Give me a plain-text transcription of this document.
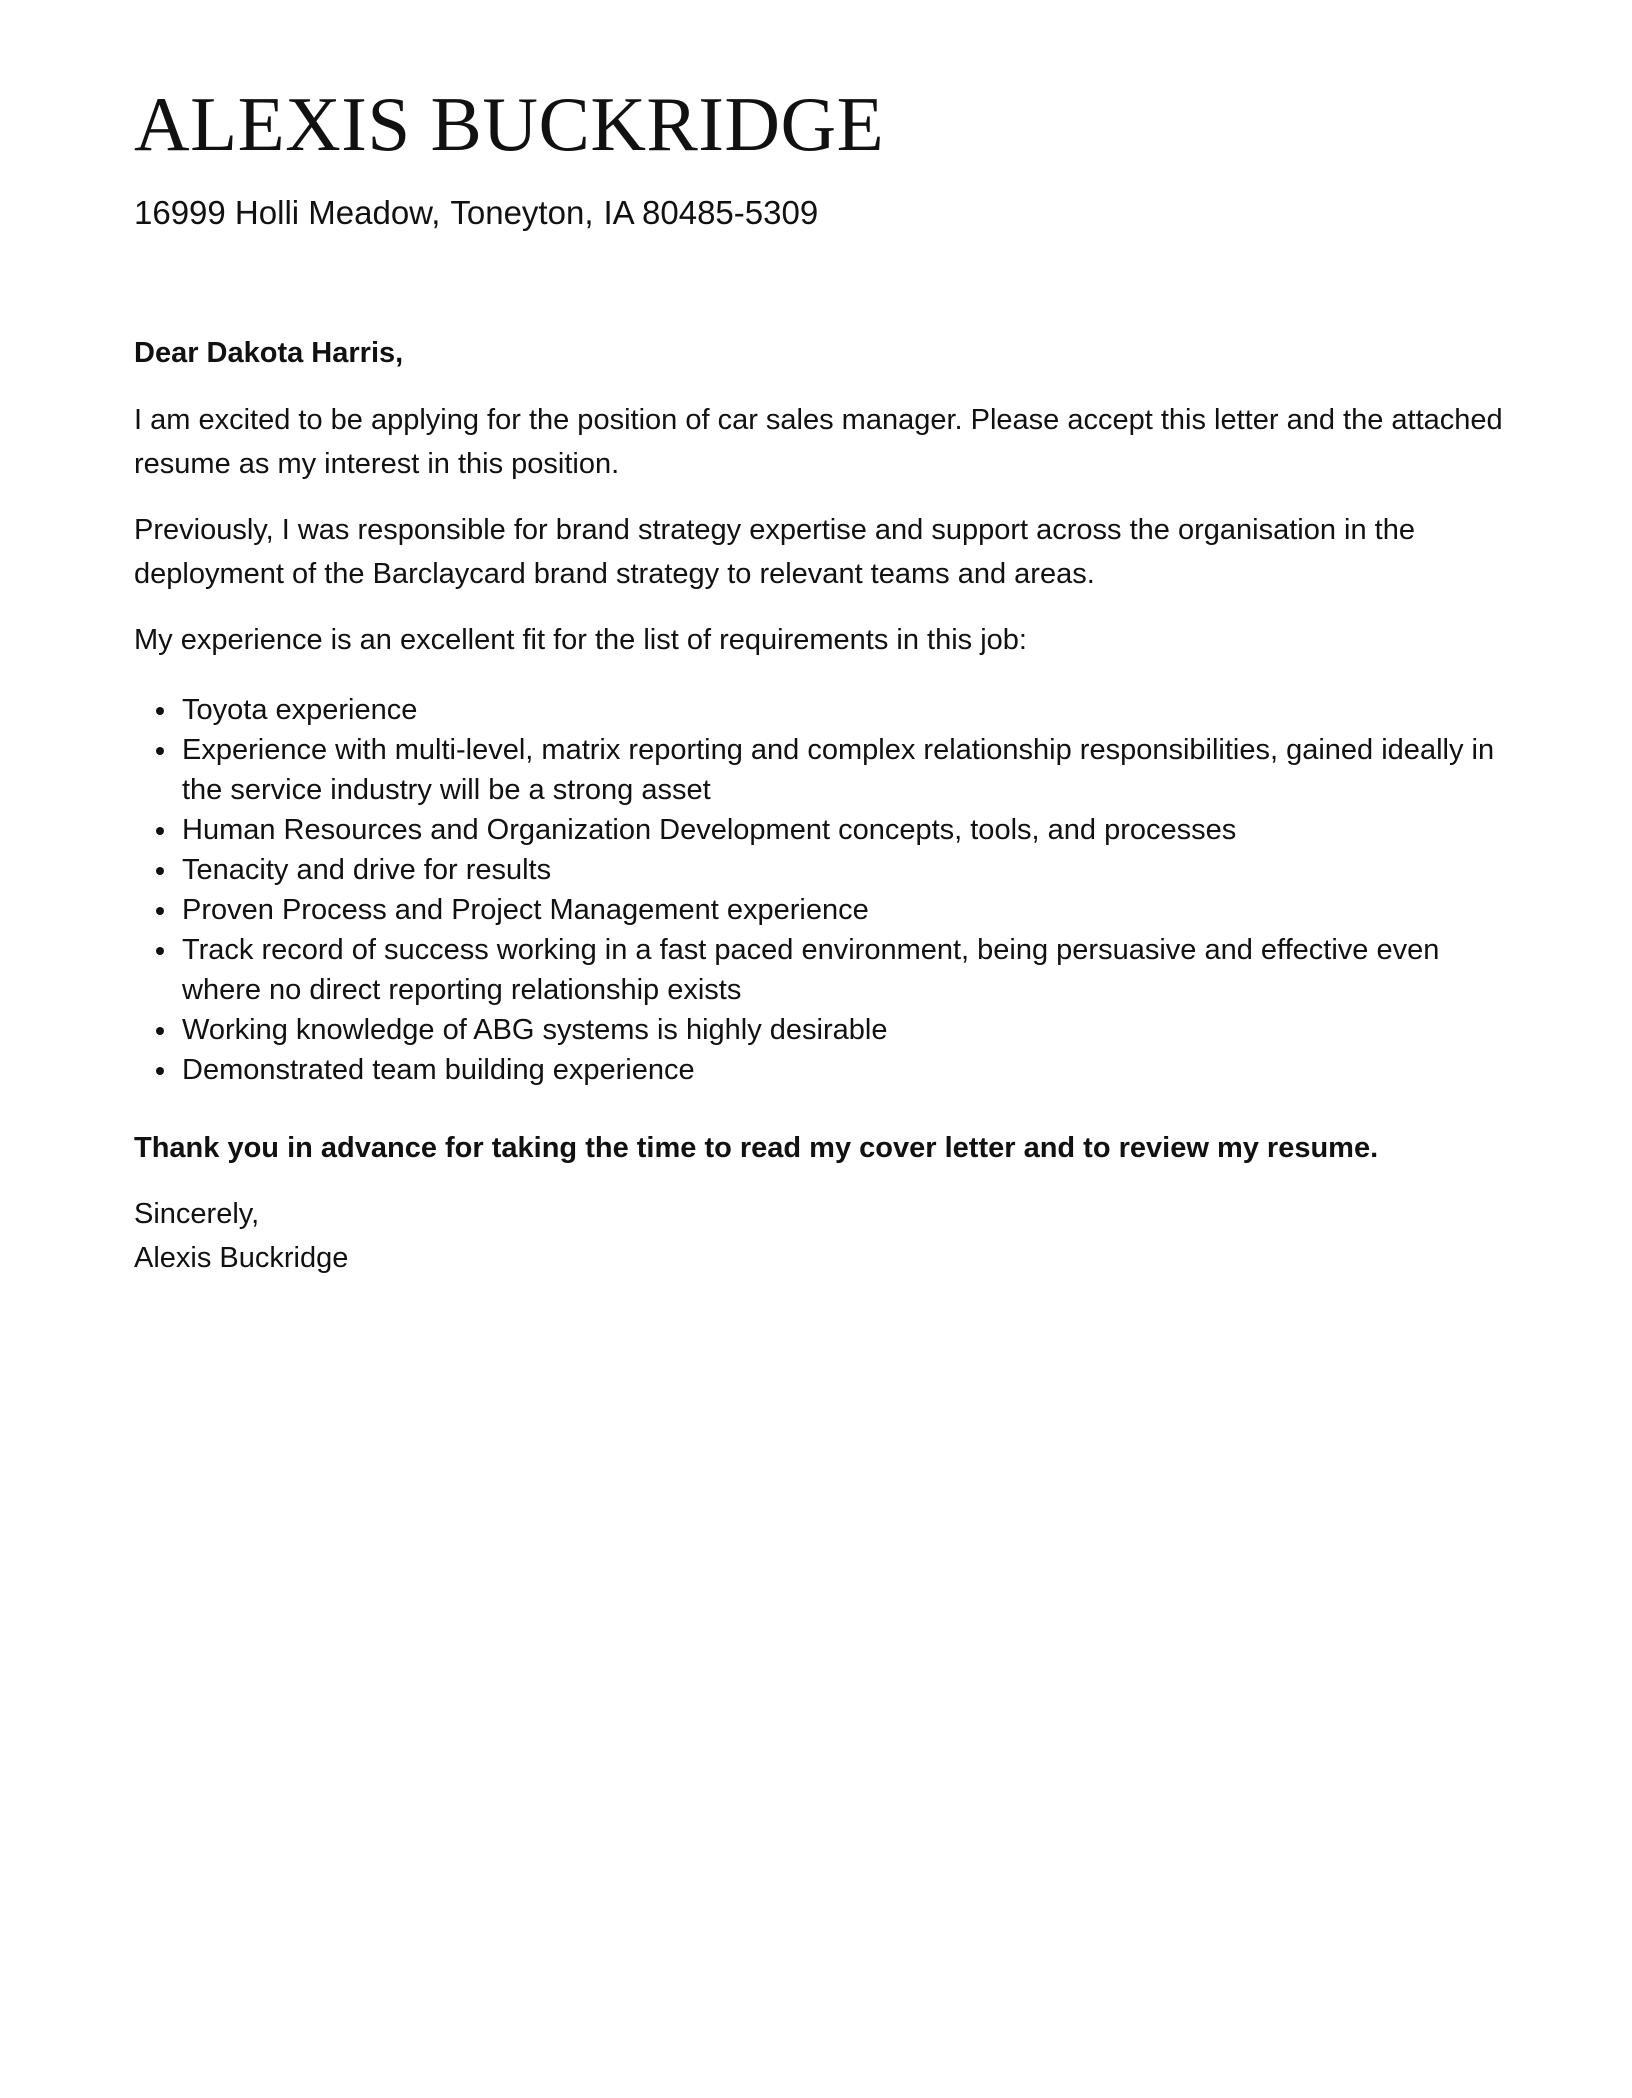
ALEXIS BUCKRIDGE
16999 Holli Meadow, Toneyton, IA 80485-5309
Dear Dakota Harris,

I am excited to be applying for the position of car sales manager. Please accept this letter and the attached resume as my interest in this position.

Previously, I was responsible for brand strategy expertise and support across the organisation in the deployment of the Barclaycard brand strategy to relevant teams and areas.

My experience is an excellent fit for the list of requirements in this job:

Toyota experience
Experience with multi-level, matrix reporting and complex relationship responsibilities, gained ideally in the service industry will be a strong asset
Human Resources and Organization Development concepts, tools, and processes
Tenacity and drive for results
Proven Process and Project Management experience
Track record of success working in a fast paced environment, being persuasive and effective even where no direct reporting relationship exists
Working knowledge of ABG systems is highly desirable
Demonstrated team building experience
Thank you in advance for taking the time to read my cover letter and to review my resume.
Sincerely,
Alexis Buckridge
